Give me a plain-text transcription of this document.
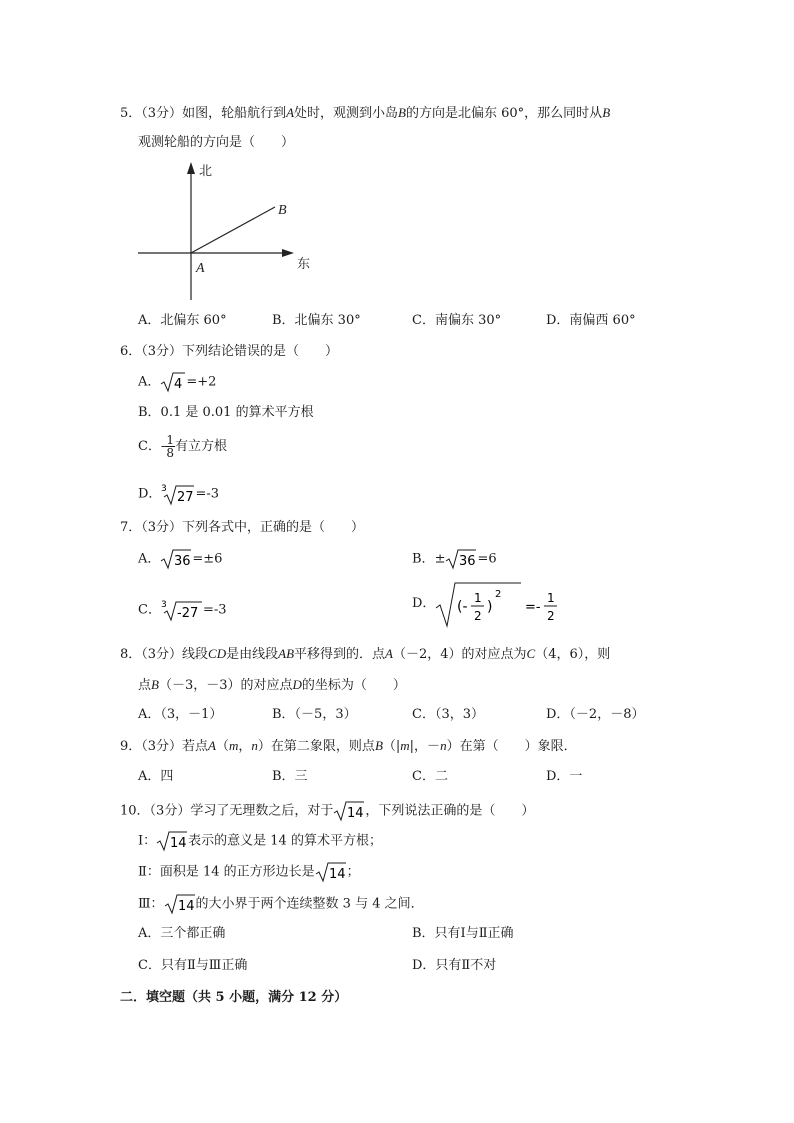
5．（3分）如图，轮船航行到A处时，观测到小岛B的方向是北偏东 60°，那么同时从B
观测轮船的方向是（　　）
北
东
A
B
A．北偏东 60°	B．北偏东 30°	C．南偏东 30°	D．南偏西 60°
6．（3分）下列结论错误的是（　　）
A． 4 =+2
B．0.1 是 0.01 的算术平方根
C．- $\frac{1}{8}$ 有立方根
D． 3
27 =-3
7．（3分）下列各式中，正确的是（　　）
A． 36 =±6	B．± 36 =6
C． 3
-27 =-3	D． (-
1
2
)
2
=-
1
2
8．（3分）线段CD是由线段AB平移得到的．点A（－2，4）的对应点为C（4，6），则
点B（－3，－3）的对应点D的坐标为（　　）
A．（3，－1）	B．（－5，3）	C．（3，3）	D．（－2，－8）
9．（3分）若点A（m，n）在第二象限，则点B（|m|，－n）在第（　　）象限．
A．四	B．三	C．二	D．一
10．（3分）学习了无理数之后，对于 14 ，下列说法正确的是（　　）
Ⅰ： 14 表示的意义是 14 的算术平方根；
Ⅱ：面积是 14 的正方形边长是 14 ；
Ⅲ： 14 的大小界于两个连续整数 3 与 4 之间．
A．三个都正确	B．只有Ⅰ与Ⅱ正确
C．只有Ⅱ与Ⅲ正确	D．只有Ⅱ不对
二．填空题（共 5 小题，满分 12 分）
